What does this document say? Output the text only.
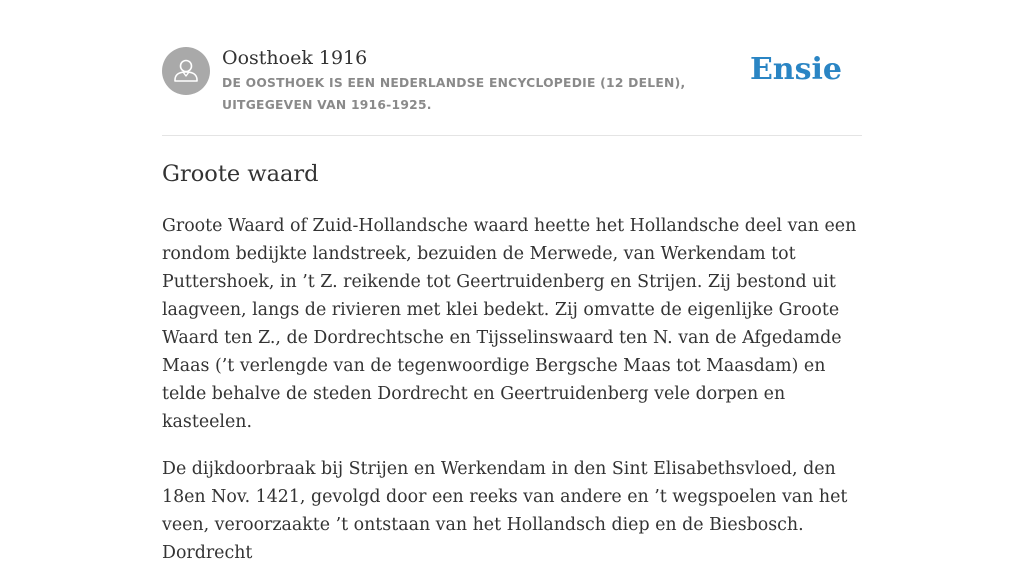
Oosthoek 1916
DE OOSTHOEK IS EEN NEDERLANDSE ENCYCLOPEDIE (12 DELEN), UITGEGEVEN VAN 1916-1925.
Ensie
Groote waard

Groote Waard of Zuid-Hollandsche waard heette het Hollandsche deel van een rondom bedijkte landstreek, bezuiden de Merwede, van Werkendam tot Puttershoek, in ’t Z. reikende tot Geertruidenberg en Strijen. Zij bestond uit laagveen, langs de rivieren met klei bedekt. Zij omvatte de eigenlijke Groote Waard ten Z., de Dordrechtsche en Tijsselinswaard ten N. van de Afgedamde Maas (’t verlengde van de tegenwoordige Bergsche Maas tot Maasdam) en telde behalve de steden Dordrecht en Geertruidenberg vele dorpen en kasteelen.

De dijkdoorbraak bij Strijen en Werkendam in den Sint Elisabethsvloed, den 18en Nov. 1421, gevolgd door een reeks van andere en ’t wegspoelen van het veen, veroorzaakte ’t ontstaan van het Hollandsch diep en de Biesbosch. Dordrecht
